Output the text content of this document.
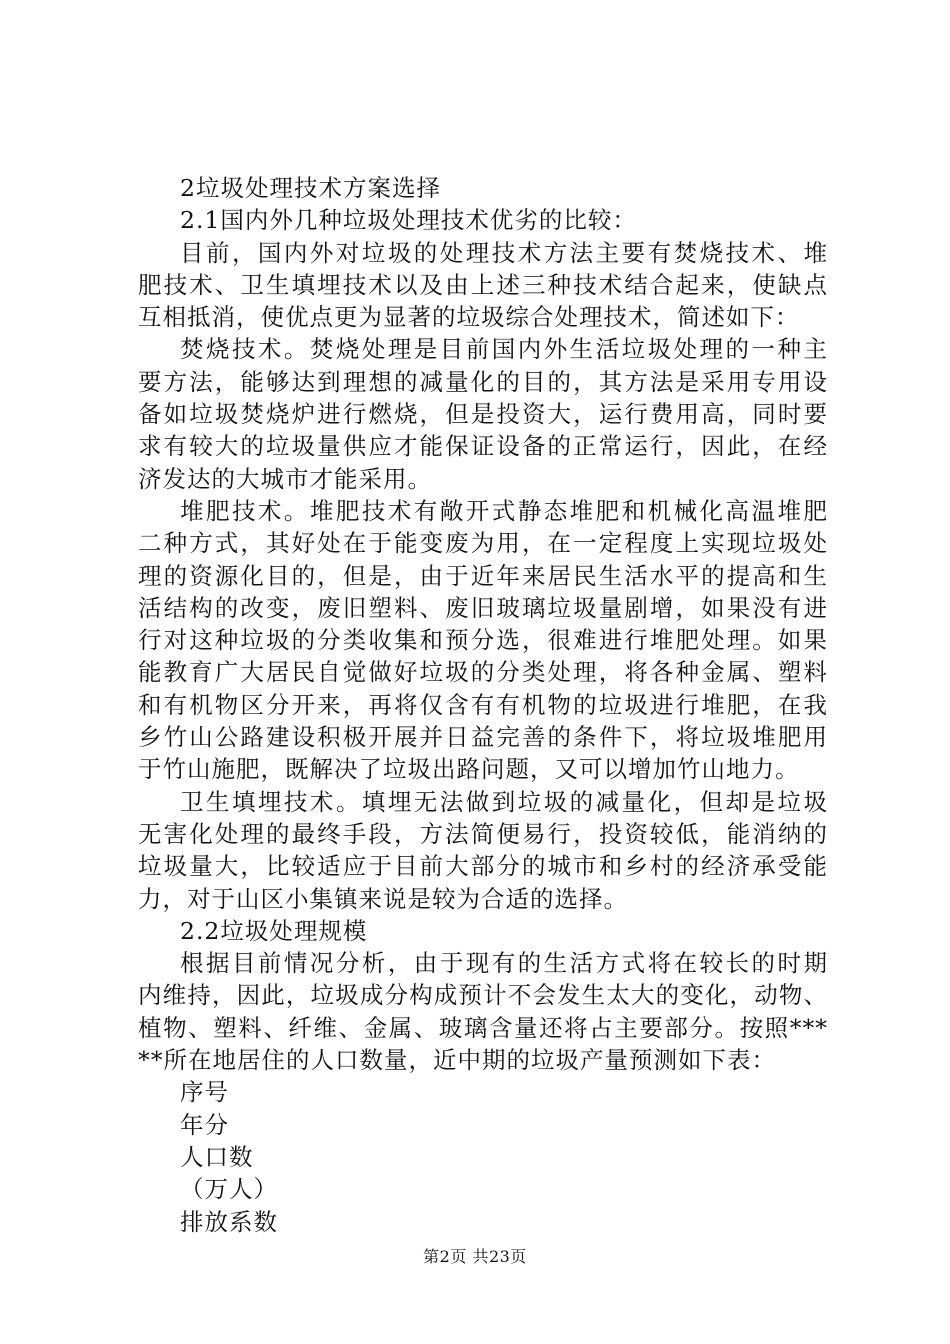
2垃圾处理技术方案选择
2.1国内外几种垃圾处理技术优劣的比较：
目前，国内外对垃圾的处理技术方法主要有焚烧技术、堆
肥技术、卫生填埋技术以及由上述三种技术结合起来，使缺点
互相抵消，使优点更为显著的垃圾综合处理技术，简述如下：
焚烧技术。焚烧处理是目前国内外生活垃圾处理的一种主
要方法，能够达到理想的减量化的目的，其方法是采用专用设
备如垃圾焚烧炉进行燃烧，但是投资大，运行费用高，同时要
求有较大的垃圾量供应才能保证设备的正常运行，因此，在经
济发达的大城市才能采用。
堆肥技术。堆肥技术有敞开式静态堆肥和机械化高温堆肥
二种方式，其好处在于能变废为用，在一定程度上实现垃圾处
理的资源化目的，但是，由于近年来居民生活水平的提高和生
活结构的改变，废旧塑料、废旧玻璃垃圾量剧增，如果没有进
行对这种垃圾的分类收集和预分选，很难进行堆肥处理。如果
能教育广大居民自觉做好垃圾的分类处理，将各种金属、塑料
和有机物区分开来，再将仅含有有机物的垃圾进行堆肥，在我
乡竹山公路建设积极开展并日益完善的条件下，将垃圾堆肥用
于竹山施肥，既解决了垃圾出路问题，又可以增加竹山地力。
卫生填埋技术。填埋无法做到垃圾的减量化，但却是垃圾
无害化处理的最终手段，方法简便易行，投资较低，能消纳的
垃圾量大，比较适应于目前大部分的城市和乡村的经济承受能
力，对于山区小集镇来说是较为合适的选择。
2.2垃圾处理规模
根据目前情况分析，由于现有的生活方式将在较长的时期
内维持，因此，垃圾成分构成预计不会发生太大的变化，动物、
植物、塑料、纤维、金属、玻璃含量还将占主要部分。按照***
**所在地居住的人口数量，近中期的垃圾产量预测如下表：
序号
年分
人口数
（万人）
排放系数
第2页 共23页
